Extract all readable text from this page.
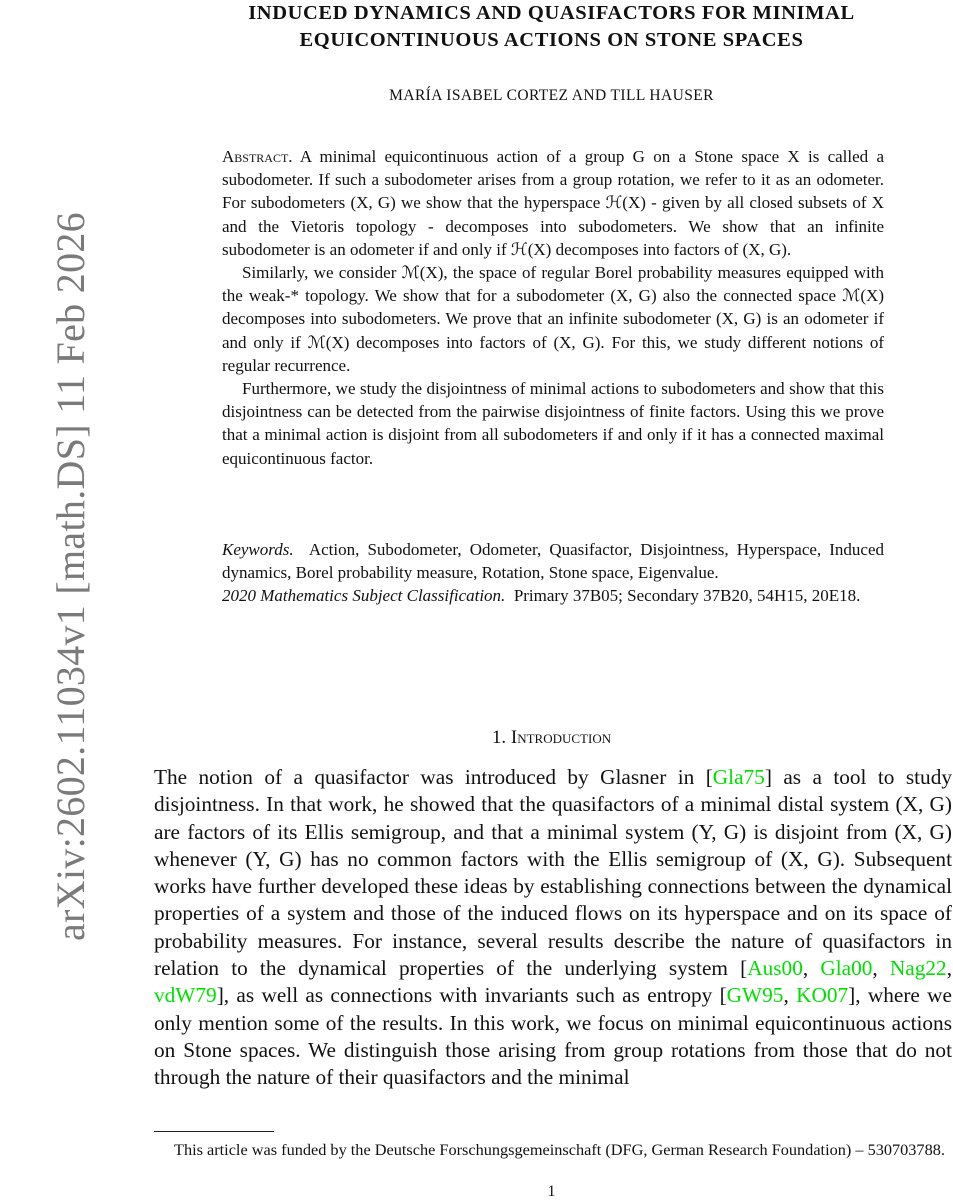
arXiv:2602.11034v1 [math.DS] 11 Feb 2026
INDUCED DYNAMICS AND QUASIFACTORS FOR MINIMAL
EQUICONTINUOUS ACTIONS ON STONE SPACES
MARÍA ISABEL CORTEZ AND TILL HAUSER

Abstract. A minimal equicontinuous action of a group G on a Stone space X is called a subodometer. If such a subodometer arises from a group rotation, we refer to it as an odometer. For subodometers (X, G) we show that the hyperspace ℋ(X) - given by all closed subsets of X and the Vietoris topology - decomposes into subodometers. We show that an infinite subodometer is an odometer if and only if ℋ(X) decomposes into factors of (X, G).

Similarly, we consider ℳ(X), the space of regular Borel probability measures equipped with the weak-* topology. We show that for a subodometer (X, G) also the connected space ℳ(X) decomposes into subodometers. We prove that an infinite subodometer (X, G) is an odometer if and only if ℳ(X) decomposes into factors of (X, G). For this, we study different notions of regular recurrence.

Furthermore, we study the disjointness of minimal actions to subodometers and show that this disjointness can be detected from the pairwise disjointness of finite factors. Using this we prove that a minimal action is disjoint from all subodometers if and only if it has a connected maximal equicontinuous factor.

Keywords. Action, Subodometer, Odometer, Quasifactor, Disjointness, Hyperspace, Induced dynamics, Borel probability measure, Rotation, Stone space, Eigenvalue.

2020 Mathematics Subject Classification. Primary 37B05; Secondary 37B20, 54H15, 20E18.

1. Introduction

The notion of a quasifactor was introduced by Glasner in [Gla75] as a tool to study disjointness. In that work, he showed that the quasifactors of a minimal distal system (X, G) are factors of its Ellis semigroup, and that a minimal system (Y, G) is disjoint from (X, G) whenever (Y, G) has no common factors with the Ellis semigroup of (X, G). Subsequent works have further developed these ideas by establishing connections between the dynamical properties of a system and those of the induced flows on its hyperspace and on its space of probability measures. For instance, several results describe the nature of quasifactors in relation to the dynamical properties of the underlying system [Aus00, Gla00, Nag22, vdW79], as well as connections with invariants such as entropy [GW95, KO07], where we only mention some of the results. In this work, we focus on minimal equicontinuous actions on Stone spaces. We distinguish those arising from group rotations from those that do not through the nature of their quasifactors and the minimal

This article was funded by the Deutsche Forschungsgemeinschaft (DFG, German Research Foundation) – 530703788.

1
